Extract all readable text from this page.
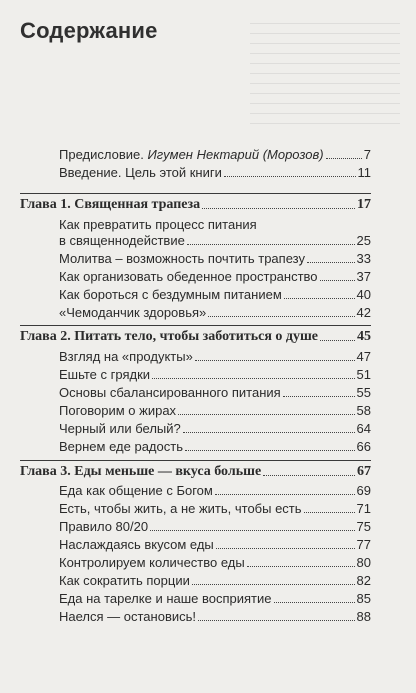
Содержание
Предисловие. Игумен Нектарий (Морозов)	7
Введение. Цель этой книги	11
Глава 1. Священная трапеза	17
Как превратить процесс питания
в священнодействие	25
Молитва – возможность почтить трапезу	33
Как организовать обеденное пространство	37
Как бороться с бездумным питанием	40
«Чемоданчик здоровья»	42
Глава 2. Питать тело, чтобы заботиться о душе	45
Взгляд на «продукты»	47
Ешьте с грядки	51
Основы сбалансированного питания	55
Поговорим о жирах	58
Черный или белый?	64
Вернем еде радость	66
Глава 3. Еды меньше — вкуса больше	67
Еда как общение с Богом	69
Есть, чтобы жить, а не жить, чтобы есть	71
Правило 80/20	75
Наслаждаясь вкусом еды	77
Контролируем количество еды	80
Как сократить порции	82
Еда на тарелке и наше восприятие	85
Наелся — остановись!	88
